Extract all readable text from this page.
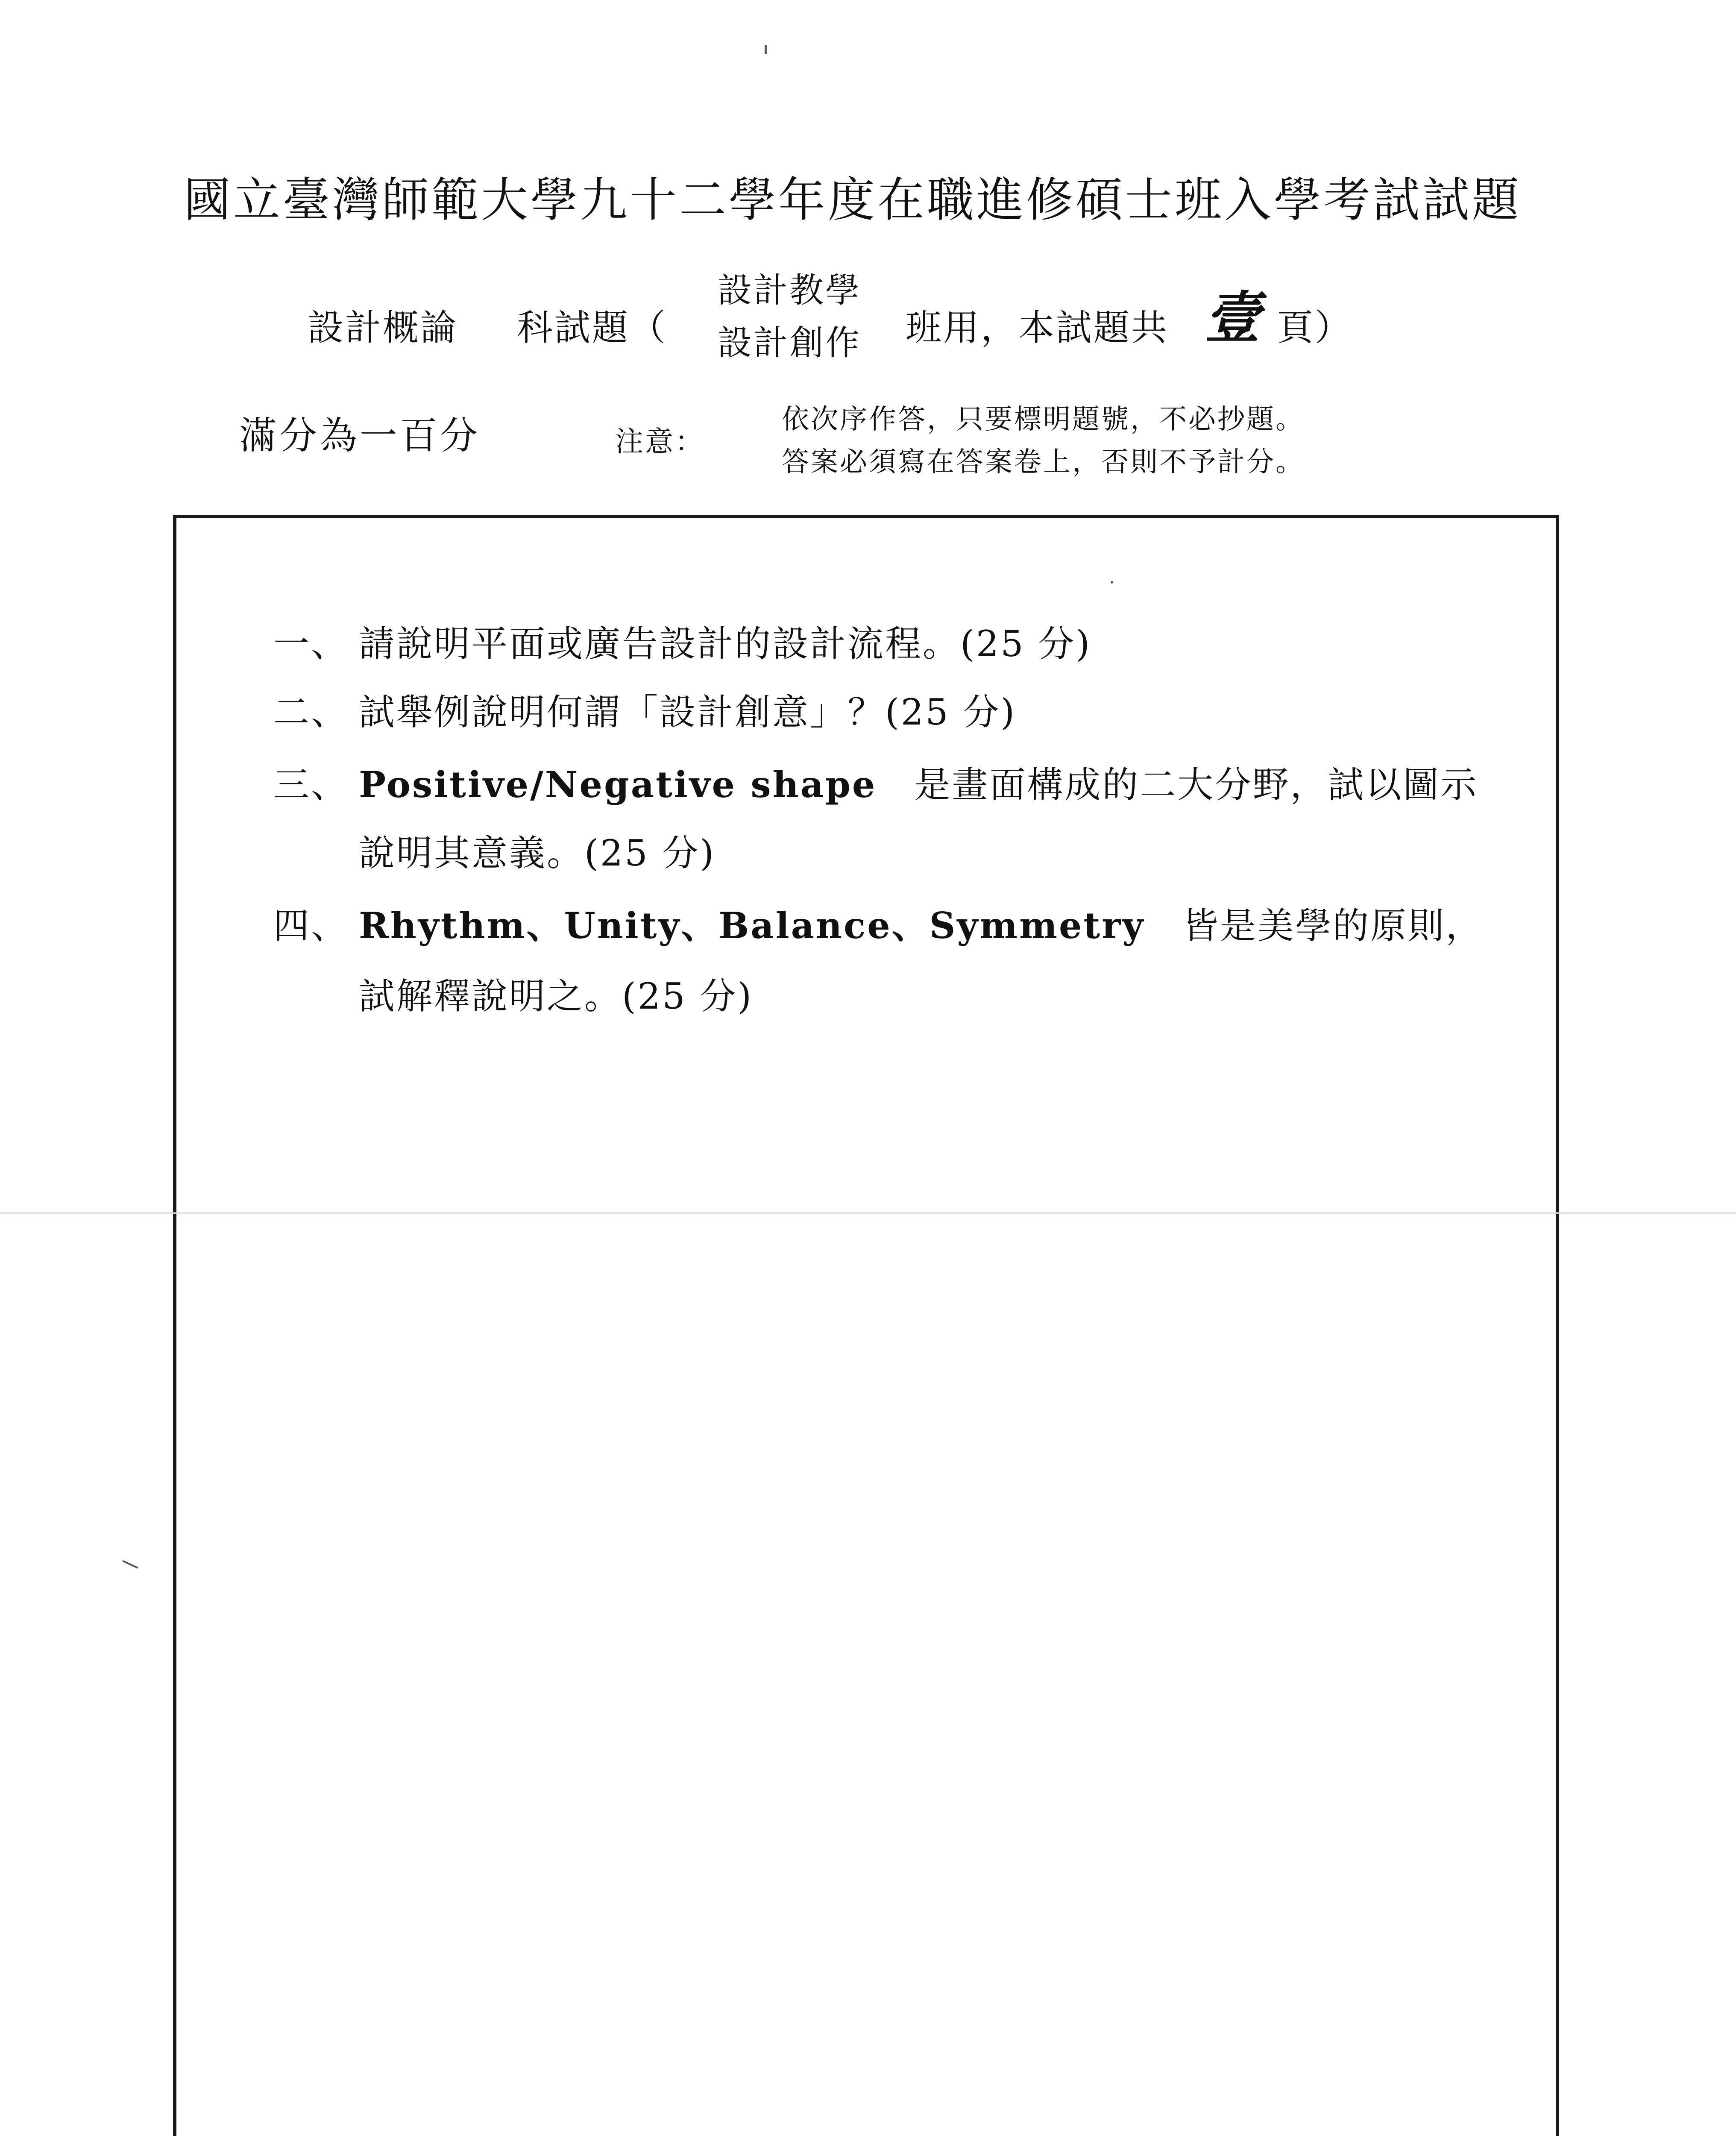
國立臺灣師範大學九十二學年度在職進修碩士班入學考試試題
設計概論 科試題（
設計教學
設計創作 班用，本試題共 壹 頁）
滿分為一百分	注意：
依次序作答，只要標明題號，不必抄題。
答案必須寫在答案卷上，否則不予計分。
一、 請說明平面或廣告設計的設計流程。(25 分)
二、 試舉例說明何謂「設計創意」？(25 分)
三、 Positive/Negative shape  是畫面構成的二大分野，試以圖示
說明其意義。(25 分)
四、 Rhythm、Unity、Balance、Symmetry  皆是美學的原則，
試解釋說明之。(25 分)
